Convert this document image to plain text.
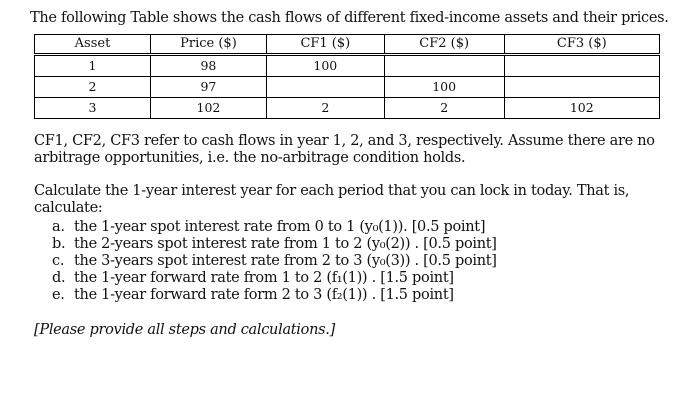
The following Table shows the cash flows of different fixed-income assets and their prices.

Asset	Price ($)	CF1 ($)	CF2 ($)	CF3 ($)
1	98	100		
2	97		100	
3	102	2	2	102

CF1, CF2, CF3 refer to cash flows in year 1, 2, and 3, respectively. Assume there are no arbitrage opportunities, i.e. the no-arbitrage condition holds.

Calculate the 1-year interest year for each period that you can lock in today. That is, calculate:

a. the 1-year spot interest rate from 0 to 1 (y₀(1)). [0.5 point]
b. the 2-years spot interest rate from 1 to 2 (y₀(2)) . [0.5 point]
c. the 3-years spot interest rate from 2 to 3 (y₀(3)) . [0.5 point]
d. the 1-year forward rate from 1 to 2 (f₁(1)) . [1.5 point]
e. the 1-year forward rate form 2 to 3 (f₂(1)) . [1.5 point]

[Please provide all steps and calculations.]
